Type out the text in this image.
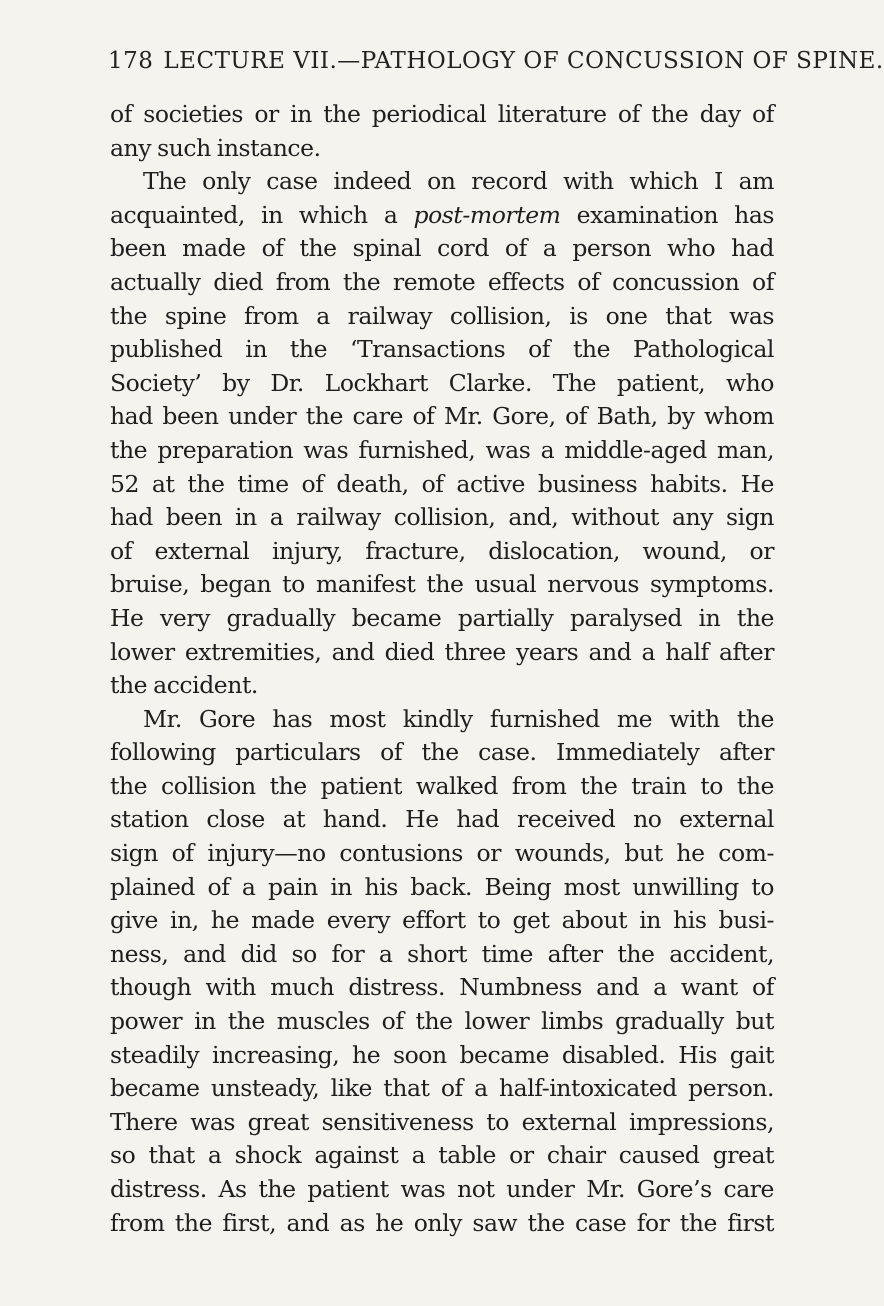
178 LECTURE VII.—PATHOLOGY OF CONCUSSION OF SPINE.
of societies or in the periodical literature of the day of
any such instance.
The only case indeed on record with which I am
acquainted, in which a post-mortem examination has
been made of the spinal cord of a person who had
actually died from the remote effects of concussion of
the spine from a railway collision, is one that was
published in the ‘Transactions of the Pathological
Society’ by Dr. Lockhart Clarke. The patient, who
had been under the care of Mr. Gore, of Bath, by whom
the preparation was furnished, was a middle-aged man,
52 at the time of death, of active business habits. He
had been in a railway collision, and, without any sign
of external injury, fracture, dislocation, wound, or
bruise, began to manifest the usual nervous symptoms.
He very gradually became partially paralysed in the
lower extremities, and died three years and a half after
the accident.
Mr. Gore has most kindly furnished me with the
following particulars of the case. Immediately after
the collision the patient walked from the train to the
station close at hand. He had received no external
sign of injury—no contusions or wounds, but he com-
plained of a pain in his back. Being most unwilling to
give in, he made every effort to get about in his busi-
ness, and did so for a short time after the accident,
though with much distress. Numbness and a want of
power in the muscles of the lower limbs gradually but
steadily increasing, he soon became disabled. His gait
became unsteady, like that of a half-intoxicated person.
There was great sensitiveness to external impressions,
so that a shock against a table or chair caused great
distress. As the patient was not under Mr. Gore’s care
from the first, and as he only saw the case for the first
